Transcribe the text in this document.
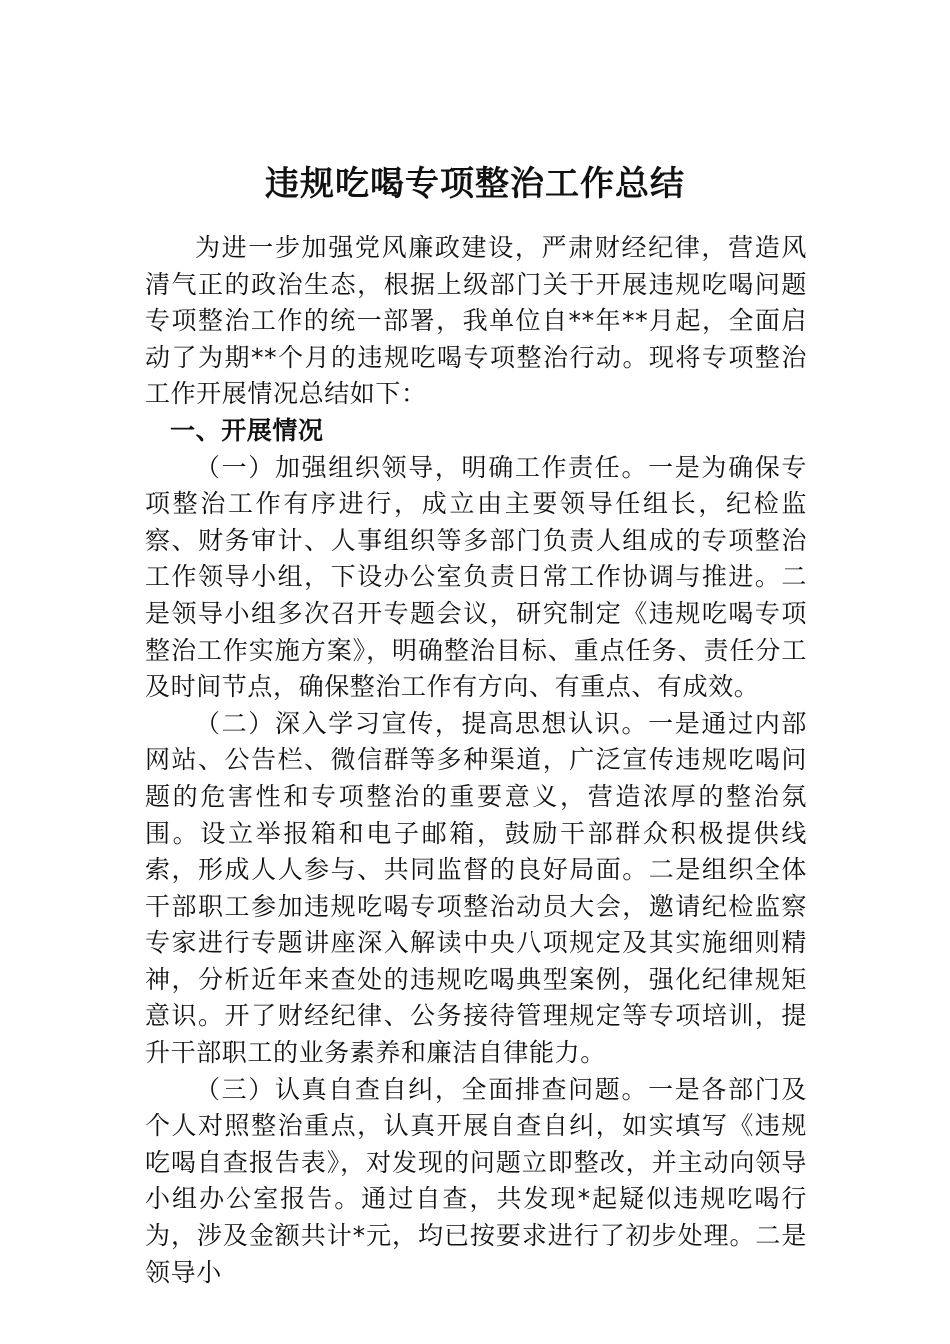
违规吃喝专项整治工作总结

为进一步加强党风廉政建设，严肃财经纪律，营造风清气正的政治生态，根据上级部门关于开展违规吃喝问题专项整治工作的统一部署，我单位自**年**月起，全面启动了为期**个月的违规吃喝专项整治行动。现将专项整治工作开展情况总结如下：

一、开展情况

（一）加强组织领导，明确工作责任。一是为确保专项整治工作有序进行，成立由主要领导任组长，纪检监察、财务审计、人事组织等多部门负责人组成的专项整治工作领导小组，下设办公室负责日常工作协调与推进。二是领导小组多次召开专题会议，研究制定《违规吃喝专项整治工作实施方案》，明确整治目标、重点任务、责任分工及时间节点，确保整治工作有方向、有重点、有成效。

（二）深入学习宣传，提高思想认识。一是通过内部网站、公告栏、微信群等多种渠道，广泛宣传违规吃喝问题的危害性和专项整治的重要意义，营造浓厚的整治氛围。设立举报箱和电子邮箱，鼓励干部群众积极提供线索，形成人人参与、共同监督的良好局面。二是组织全体干部职工参加违规吃喝专项整治动员大会，邀请纪检监察专家进行专题讲座深入解读中央八项规定及其实施细则精神，分析近年来查处的违规吃喝典型案例，强化纪律规矩意识。开了财经纪律、公务接待管理规定等专项培训，提升干部职工的业务素养和廉洁自律能力。

（三）认真自查自纠，全面排查问题。一是各部门及个人对照整治重点，认真开展自查自纠，如实填写《违规吃喝自查报告表》，对发现的问题立即整改，并主动向领导小组办公室报告。通过自查，共发现*起疑似违规吃喝行为，涉及金额共计*元，均已按要求进行了初步处理。二是领导小
